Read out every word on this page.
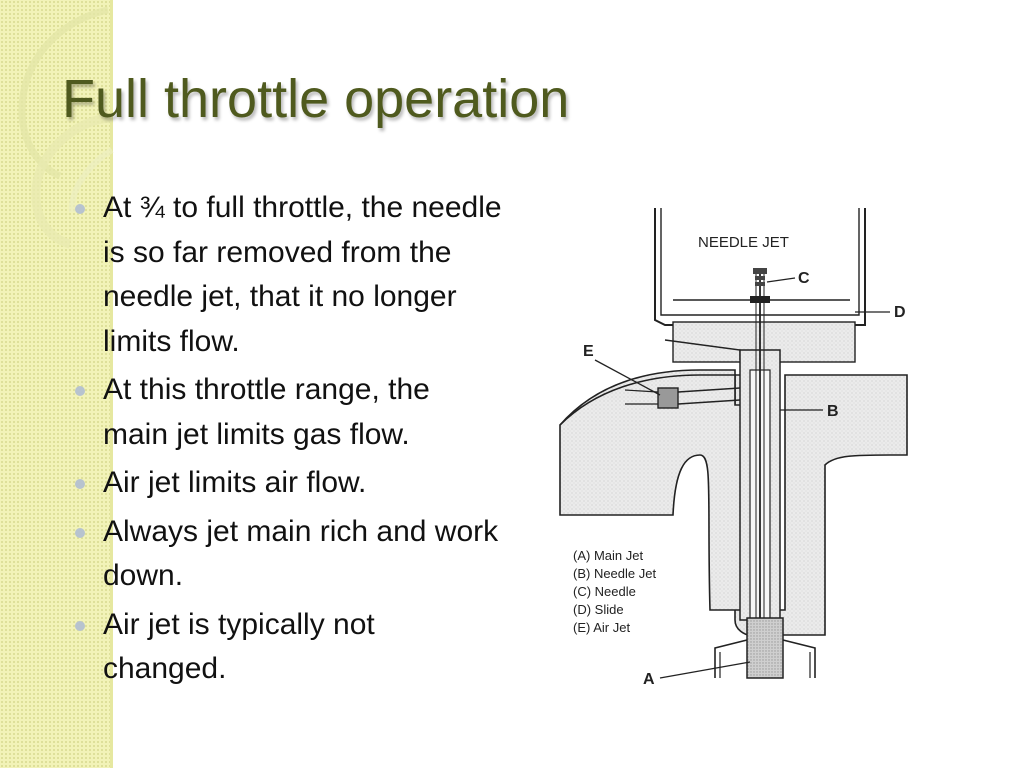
Full throttle operation
At ¾ to full throttle, the needle is so far removed from the needle jet, that it no longer limits flow.
At this throttle range, the main jet limits gas flow.
Air jet limits air flow.
Always jet main rich and work down.
Air jet is typically not changed.
NEEDLE JET
C
D
E
B
A
(A) Main Jet
(B) Needle Jet
(C) Needle
(D) Slide
(E) Air Jet
